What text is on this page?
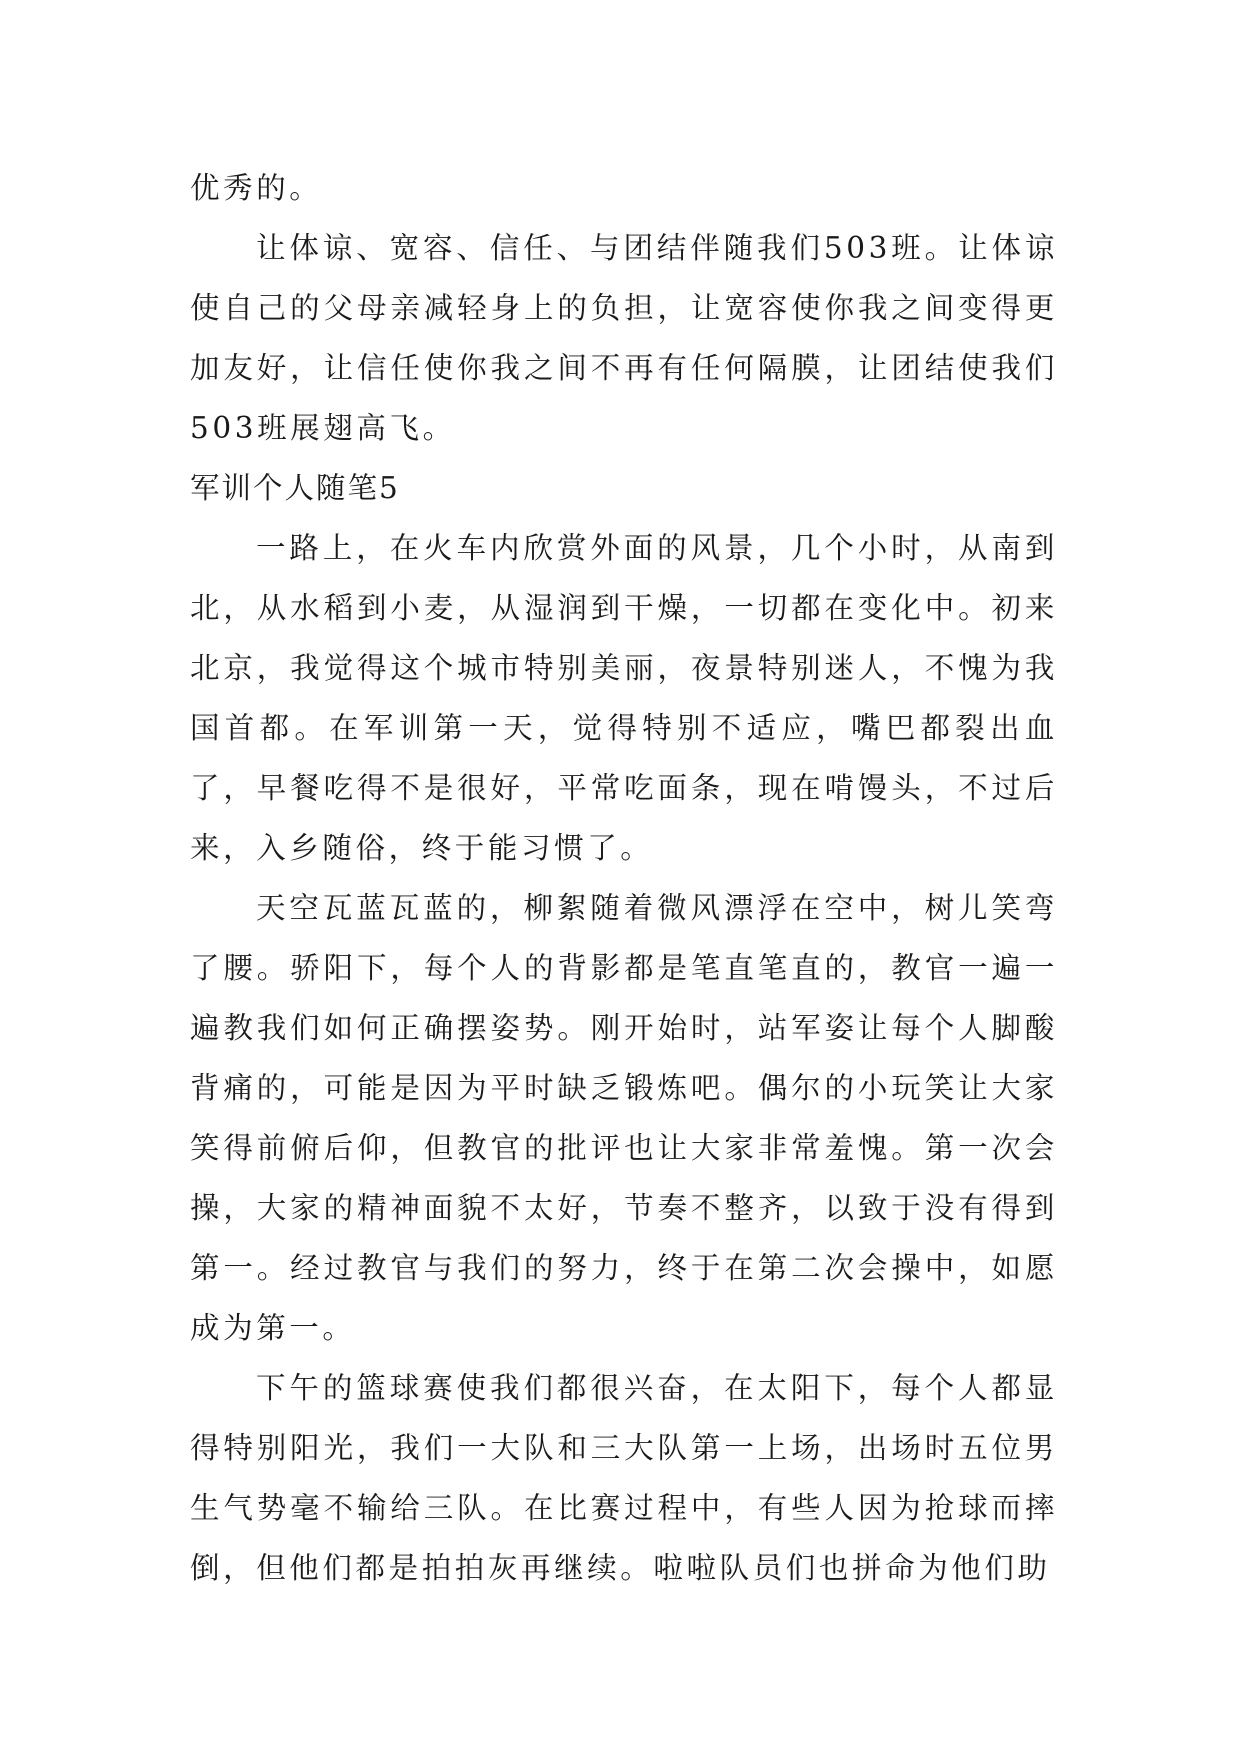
优秀的。

让体谅、宽容、信任、与团结伴随我们503班。让体谅使自己的父母亲减轻身上的负担，让宽容使你我之间变得更加友好，让信任使你我之间不再有任何隔膜，让团结使我们503班展翅高飞。

军训个人随笔5

一路上，在火车内欣赏外面的风景，几个小时，从南到北，从水稻到小麦，从湿润到干燥，一切都在变化中。初来北京，我觉得这个城市特别美丽，夜景特别迷人，不愧为我国首都。在军训第一天，觉得特别不适应，嘴巴都裂出血了，早餐吃得不是很好，平常吃面条，现在啃馒头，不过后来，入乡随俗，终于能习惯了。

天空瓦蓝瓦蓝的，柳絮随着微风漂浮在空中，树儿笑弯了腰。骄阳下，每个人的背影都是笔直笔直的，教官一遍一遍教我们如何正确摆姿势。刚开始时，站军姿让每个人脚酸背痛的，可能是因为平时缺乏锻炼吧。偶尔的小玩笑让大家笑得前俯后仰，但教官的批评也让大家非常羞愧。第一次会操，大家的精神面貌不太好，节奏不整齐，以致于没有得到第一。经过教官与我们的努力，终于在第二次会操中，如愿成为第一。

下午的篮球赛使我们都很兴奋，在太阳下，每个人都显得特别阳光，我们一大队和三大队第一上场，出场时五位男生气势毫不输给三队。在比赛过程中，有些人因为抢球而摔倒，但他们都是拍拍灰再继续。啦啦队员们也拼命为他们助
